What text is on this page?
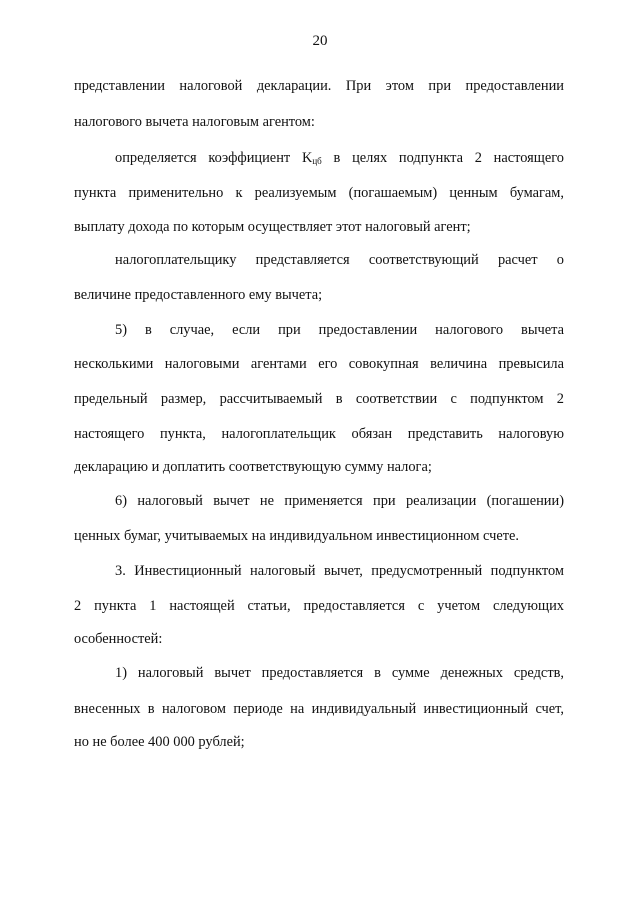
20
представлении налоговой декларации. При этом при предоставлении
налогового вычета налоговым агентом:
определяется коэффициент $K_{цб}$ в целях подпункта 2 настоящего
пункта применительно к реализуемым (погашаемым) ценным бумагам,
выплату дохода по которым осуществляет этот налоговый агент;
налогоплательщику представляется соответствующий расчет о
величине предоставленного ему вычета;
5) в случае, если при предоставлении налогового вычета
несколькими налоговыми агентами его совокупная величина превысила
предельный размер, рассчитываемый в соответствии с подпунктом 2
настоящего пункта, налогоплательщик обязан представить налоговую
декларацию и доплатить соответствующую сумму налога;
6) налоговый вычет не применяется при реализации (погашении)
ценных бумаг, учитываемых на индивидуальном инвестиционном счете.
3. Инвестиционный налоговый вычет, предусмотренный подпунктом
2 пункта 1 настоящей статьи, предоставляется с учетом следующих
особенностей:
1) налоговый вычет предоставляется в сумме денежных средств,
внесенных в налоговом периоде на индивидуальный инвестиционный счет,
но не более 400 000 рублей;
